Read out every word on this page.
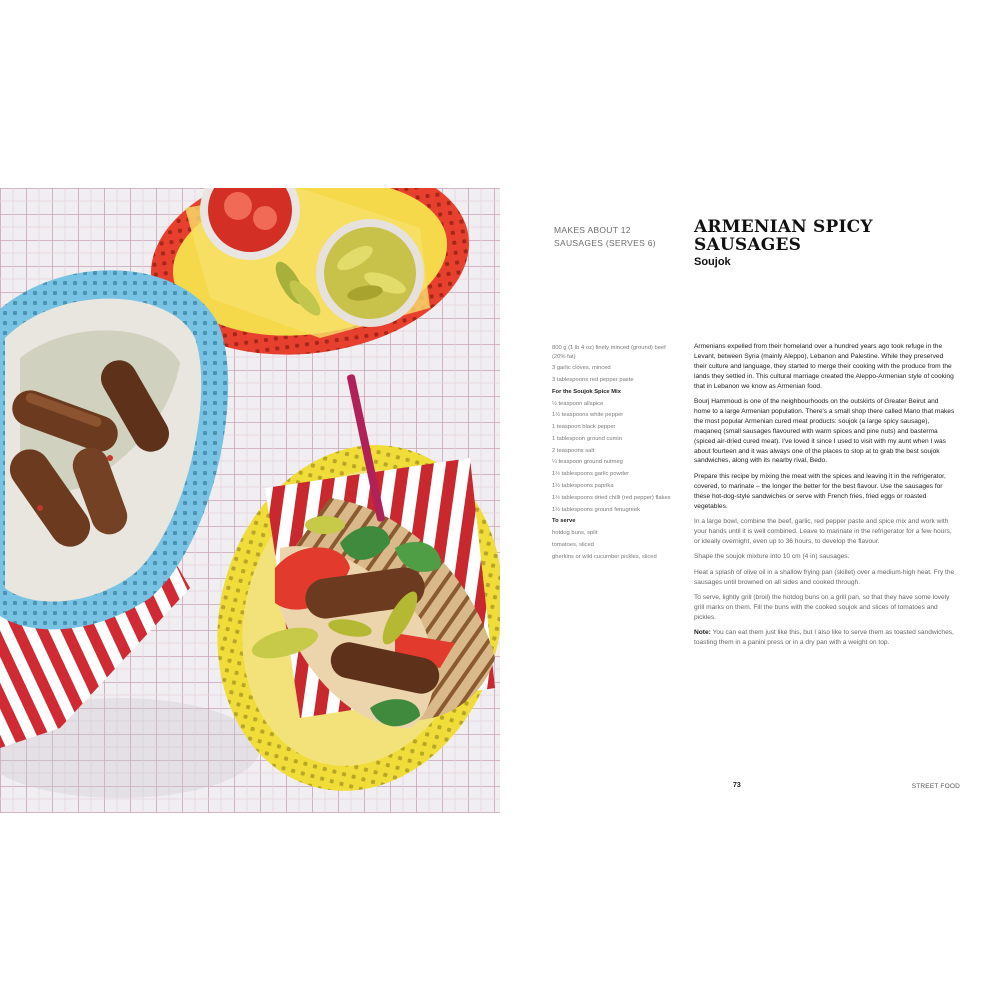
MAKES ABOUT 12 SAUSAGES (SERVES 6)
ARMENIAN SPICY SAUSAGES
Soujok
800 g (1 lb 4 oz) finely minced (ground) beef (20% fat)
3 garlic cloves, minced
3 tablespoons red pepper paste
For the Soujok Spice Mix
½ teaspoon allspice
1½ teaspoons white pepper
1 teaspoon black pepper
1 tablespoon ground cumin
2 teaspoons salt
¼ teaspoon ground nutmeg
1½ tablespoons garlic powder
1½ tablespoons paprika
1½ tablespoons dried chilli (red pepper) flakes
1½ tablespoons ground fenugreek
To serve
hotdog buns, split
tomatoes, sliced
gherkins or wild cucumber pickles, sliced

Armenians expelled from their homeland over a hundred years ago took refuge in the Levant, between Syria (mainly Aleppo), Lebanon and Palestine. While they preserved their culture and language, they started to merge their cooking with the produce from the lands they settled in. This cultural marriage created the Aleppo-Armenian style of cooking that in Lebanon we know as Armenian food.

Bourj Hammoud is one of the neighbourhoods on the outskirts of Greater Beirut and home to a large Armenian population. There's a small shop there called Mano that makes the most popular Armenian cured meat products: soujok (a large spicy sausage), maqaneq (small sausages flavoured with warm spices and pine nuts) and basterma (spiced air-dried cured meat). I've loved it since I used to visit with my aunt when I was about fourteen and it was always one of the places to stop at to grab the best soujok sandwiches, along with its nearby rival, Bedo.

Prepare this recipe by mixing the meat with the spices and leaving it in the refrigerator, covered, to marinate – the longer the better for the best flavour. Use the sausages for these hot-dog-style sandwiches or serve with French fries, fried eggs or roasted vegetables.

In a large bowl, combine the beef, garlic, red pepper paste and spice mix and work with your hands until it is well combined. Leave to marinate in the refrigerator for a few hours, or ideally overnight, even up to 36 hours, to develop the flavour.

Shape the soujok mixture into 10 cm (4 in) sausages.

Heat a splash of olive oil in a shallow frying pan (skillet) over a medium-high heat. Fry the sausages until browned on all sides and cooked through.

To serve, lightly grill (broil) the hotdog buns on a grill pan, so that they have some lovely grill marks on them. Fill the buns with the cooked soujok and slices of tomatoes and pickles.

Note: You can eat them just like this, but I also like to serve them as toasted sandwiches, toasting them in a panini press or in a dry pan with a weight on top.

73	STREET FOOD
